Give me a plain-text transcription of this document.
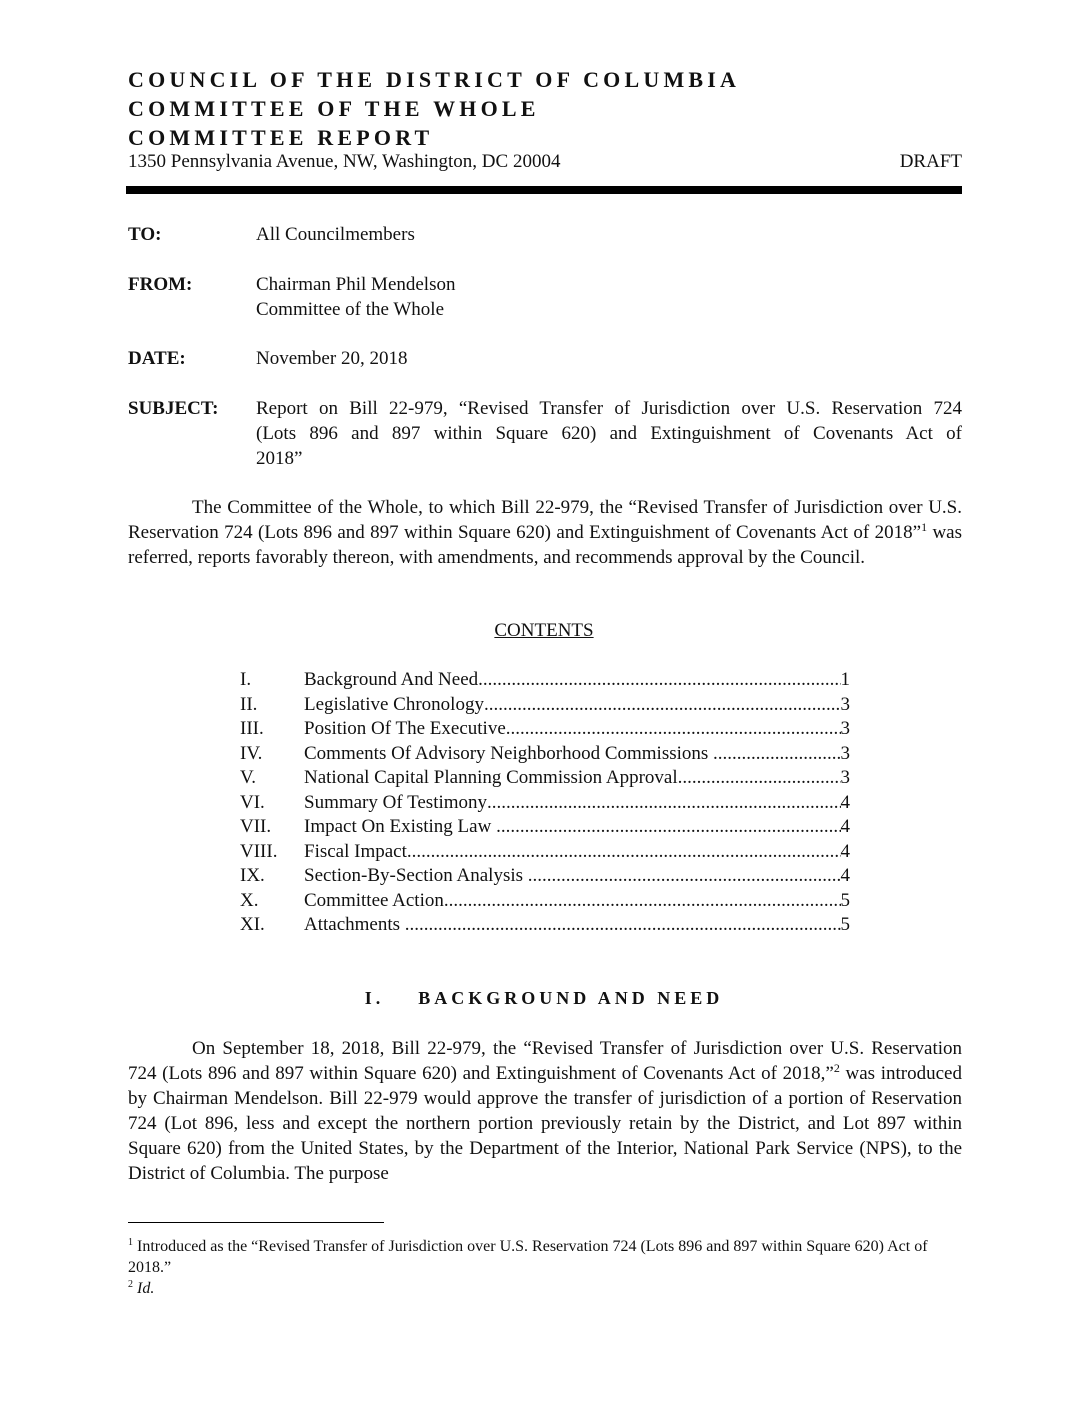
COUNCIL OF THE DISTRICT OF COLUMBIA
COMMITTEE OF THE WHOLE
COMMITTEE REPORT
1350 Pennsylvania Avenue, NW, Washington, DC 20004	DRAFT
TO:	All Councilmembers
FROM:	Chairman Phil Mendelson
Committee of the Whole
DATE:	November 20, 2018
SUBJECT: Report on Bill 22-979, “Revised Transfer of Jurisdiction over U.S. Reservation 724
(Lots 896 and 897 within Square 620) and Extinguishment of Covenants Act of
2018”

The Committee of the Whole, to which Bill 22-979, the “Revised Transfer of Jurisdiction over U.S. Reservation 724 (Lots 896 and 897 within Square 620) and Extinguishment of Covenants Act of 2018”$^1$ was referred, reports favorably thereon, with amendments, and recommends approval by the Council.

CONTENTS
I.	Background And Need .....	1
II. Legislative Chronology .....	3
III. Position Of The Executive .....	3
IV. Comments Of Advisory Neighborhood Commissions .....	3
V.	National Capital Planning Commission Approval .....	3
VI. Summary Of Testimony .....	4
VII. Impact On Existing Law .....	4
VIII. Fiscal Impact .....	4
IX. Section-By-Section Analysis .....	4
X. Committee Action .....	5
XI. Attachments .....	5
I.    BACKGROUND AND NEED

On September 18, 2018, Bill 22-979, the “Revised Transfer of Jurisdiction over U.S. Reservation 724 (Lots 896 and 897 within Square 620) and Extinguishment of Covenants Act of 2018,”$^2$ was introduced by Chairman Mendelson. Bill 22-979 would approve the transfer of jurisdiction of a portion of Reservation 724 (Lot 896, less and except the northern portion previously retain by the District, and Lot 897 within Square 620) from the United States, by the Department of the Interior, National Park Service (NPS), to the District of Columbia. The purpose

$^1$ Introduced as the “Revised Transfer of Jurisdiction over U.S. Reservation 724 (Lots 896 and 897 within Square 620) Act of 2018.”

$^2$ Id.
